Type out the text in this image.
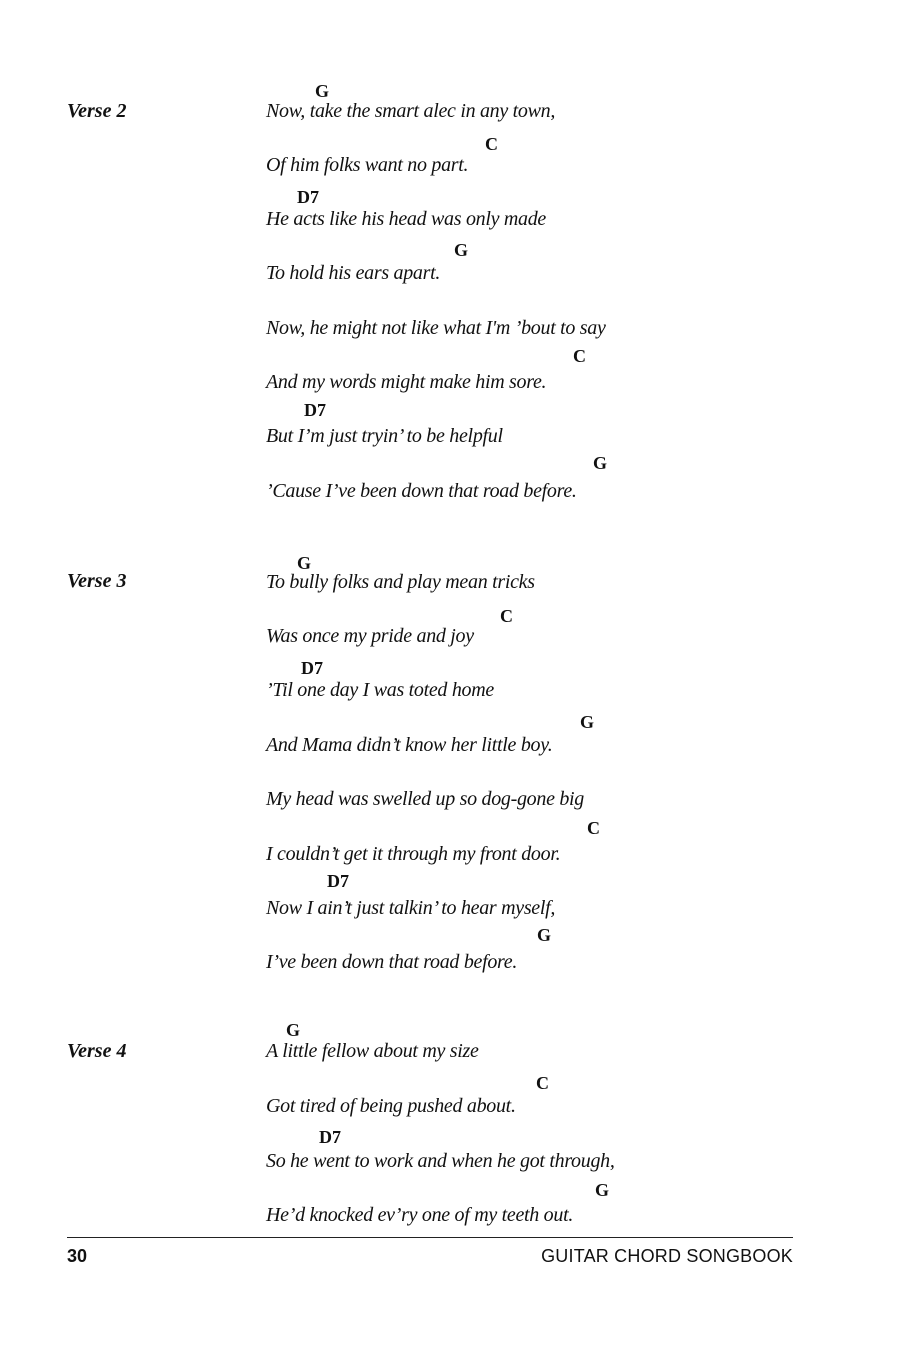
Verse 2
G
Now, take the smart alec in any town,
C
Of him folks want no part.
D7
He acts like his head was only made
G
To hold his ears apart.
Now, he might not like what I'm ’bout to say
C
And my words might make him sore.
D7
But I’m just tryin’ to be helpful
G
’Cause I’ve been down that road before.
Verse 3
G
To bully folks and play mean tricks
C
Was once my pride and joy
D7
’Til one day I was toted home
G
And Mama didn’t know her little boy.
My head was swelled up so dog-gone big
C
I couldn’t get it through my front door.
D7
Now I ain’t just talkin’ to hear myself,
G
I’ve been down that road before.
Verse 4
G
A little fellow about my size
C
Got tired of being pushed about.
D7
So he went to work and when he got through,
G
He’d knocked ev’ry one of my teeth out.
30	GUITAR CHORD SONGBOOK
